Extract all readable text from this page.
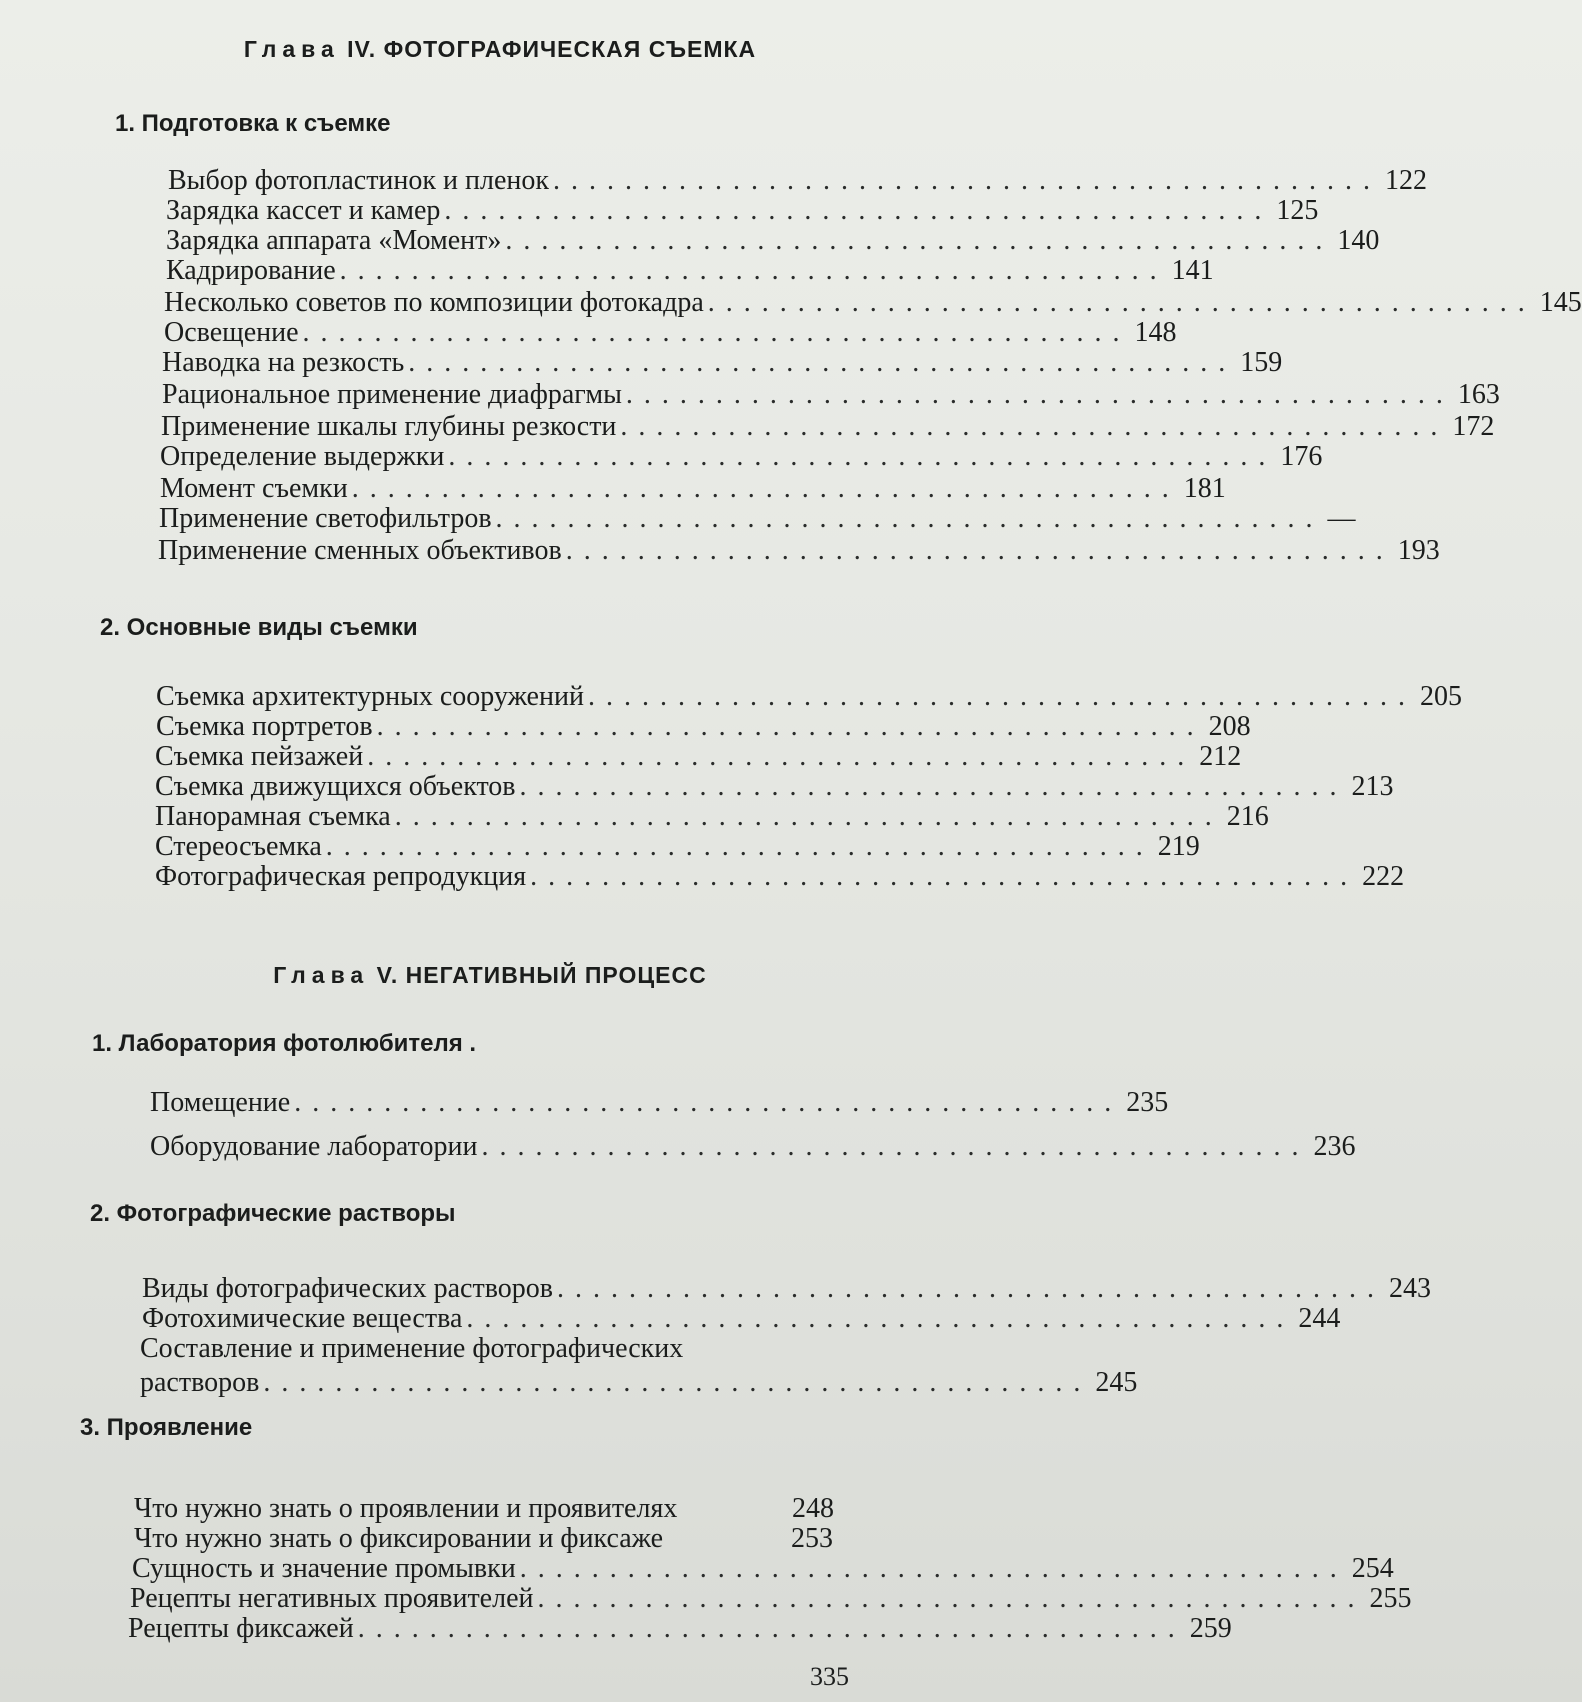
Глава IV. ФОТОГРАФИЧЕСКАЯ СЪЕМКА
1. Подготовка к съемке
Выбор фотопластинок и пленок .............................................. 122
Зарядка кассет и камер .............................................. 125
Зарядка аппарата «Момент» .............................................. 140
Кадрирование .............................................. 141
Несколько советов по композиции фотокадра .............................................. 145
Освещение .............................................. 148
Наводка на резкость .............................................. 159
Рациональное применение диафрагмы .............................................. 163
Применение шкалы глубины резкости .............................................. 172
Определение выдержки .............................................. 176
Момент съемки .............................................. 181
Применение светофильтров .............................................. —
Применение сменных объективов .............................................. 193
2. Основные виды съемки
Съемка архитектурных сооружений .............................................. 205
Съемка портретов .............................................. 208
Съемка пейзажей .............................................. 212
Съемка движущихся объектов .............................................. 213
Панорамная съемка .............................................. 216
Стереосъемка .............................................. 219
Фотографическая репродукция .............................................. 222
Глава V. НЕГАТИВНЫЙ ПРОЦЕСС
1. Лаборатория фотолюбителя .
Помещение .............................................. 235
Оборудование лаборатории .............................................. 236
2. Фотографические растворы
Виды фотографических растворов .............................................. 243
Фотохимические вещества .............................................. 244
Составление и применение фотографических
растворов .............................................. 245
3. Проявление
Что нужно знать о проявлении и проявителях	248
Что нужно знать о фиксировании и фиксаже	253
Сущность и значение промывки .............................................. 254
Рецепты негативных проявителей .............................................. 255
Рецепты фиксажей .............................................. 259
335
